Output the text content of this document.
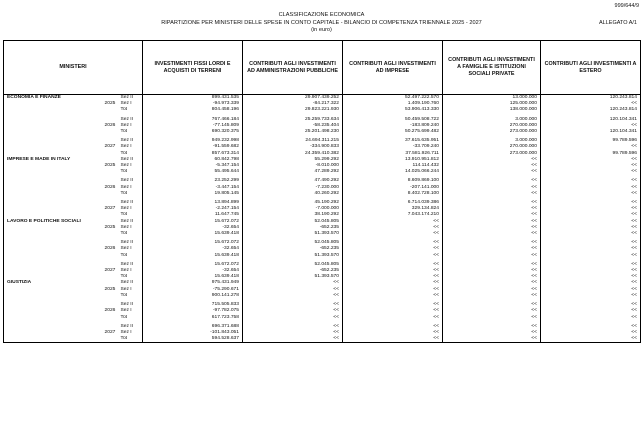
999/644/9
CLASSIFICAZIONE ECONOMICA
RIPARTIZIONE PER MINISTERI DELLE SPESE IN CONTO CAPITALE - BILANCIO DI COMPETENZA TRIENNALE 2025 - 2027
(in euro)
ALLEGATO A/1
MINISTERI			INVESTIMENTI FISSI LORDI E ACQUISTI DI TERRENI	CONTRIBUTI AGLI INVESTIMENTI AD AMMINISTRAZIONI PUBBLICHE	CONTRIBUTI AGLI INVESTIMENTI AD IMPRESE	CONTRIBUTI AGLI INVESTIMENTI A FAMIGLIE E ISTITUZIONI SOCIALI PRIVATE	CONTRIBUTI AGLI INVESTIMENTI A ESTERO
ECONOMIA E FINANZE		Sez II	899.431.535	29.907.439.252	52.497.222.570	13.000.000	120.243.814
	2025	Sez I	-94.973.339	-84.217.322	1.409.190.760	125.000.000	<<
		Tot	804.458.196	29.823.221.930	53.906.413.330	138.000.000	120.243.814

		Sez II	767.466.184	25.259.733.634	50.459.508.722	3.000.000	120.104.341
	2026	Sez I	-77.145.809	-58.235.404	-183.809.240	270.000.000	<<
		Tot	690.320.375	25.201.498.230	50.275.699.482	273.000.000	120.104.341

		Sez II	949.232.998	24.694.311.215	37.615.635.951	3.000.000	99.789.596
	2027	Sez I	-91.559.682	-334.900.833	-33.709.240	270.000.000	<<
		Tot	857.673.314	24.359.410.382	37.581.926.711	273.000.000	99.789.596
IMPRESE E MADE IN ITALY		Sez II	60.842.798	55.299.292	13.910.951.812	<<	<<
	2025	Sez I	-5.347.154	-8.010.000	114.114.432	<<	<<
		Tot	55.495.644	47.289.292	14.025.066.244	<<	<<

		Sez II	23.252.299	47.490.292	8.609.869.100	<<	<<
	2026	Sez I	-3.447.154	-7.230.000	-207.141.000	<<	<<
		Tot	19.805.145	40.260.292	8.402.728.100	<<	<<

		Sez II	13.894.899	45.190.292	6.714.039.386	<<	<<
	2027	Sez I	-2.247.154	-7.000.000	329.134.824	<<	<<
		Tot	11.647.745	38.190.292	7.043.174.210	<<	<<
LAVORO E POLITICHE SOCIALI		Sez II	15.672.072	52.045.805	<<	<<	<<
	2025	Sez I	-32.654	-652.235	<<	<<	<<
		Tot	15.639.418	51.393.570	<<	<<	<<

		Sez II	15.672.072	52.045.805	<<	<<	<<
	2026	Sez I	-32.654	-652.235	<<	<<	<<
		Tot	15.639.418	51.393.570	<<	<<	<<

		Sez II	15.672.072	52.045.805	<<	<<	<<
	2027	Sez I	-32.654	-652.235	<<	<<	<<
		Tot	15.639.418	51.393.570	<<	<<	<<
GIUSTIZIA		Sez II	975.431.949	<<	<<	<<	<<
	2025	Sez I	-75.290.671	<<	<<	<<	<<
		Tot	900.141.278	<<	<<	<<	<<

		Sez II	715.505.833	<<	<<	<<	<<
	2026	Sez I	-97.782.075	<<	<<	<<	<<
		Tot	617.723.758	<<	<<	<<	<<

		Sez II	696.371.688	<<	<<	<<	<<
	2027	Sez I	-101.843.051	<<	<<	<<	<<
		Tot	594.528.637	<<	<<	<<	<<
